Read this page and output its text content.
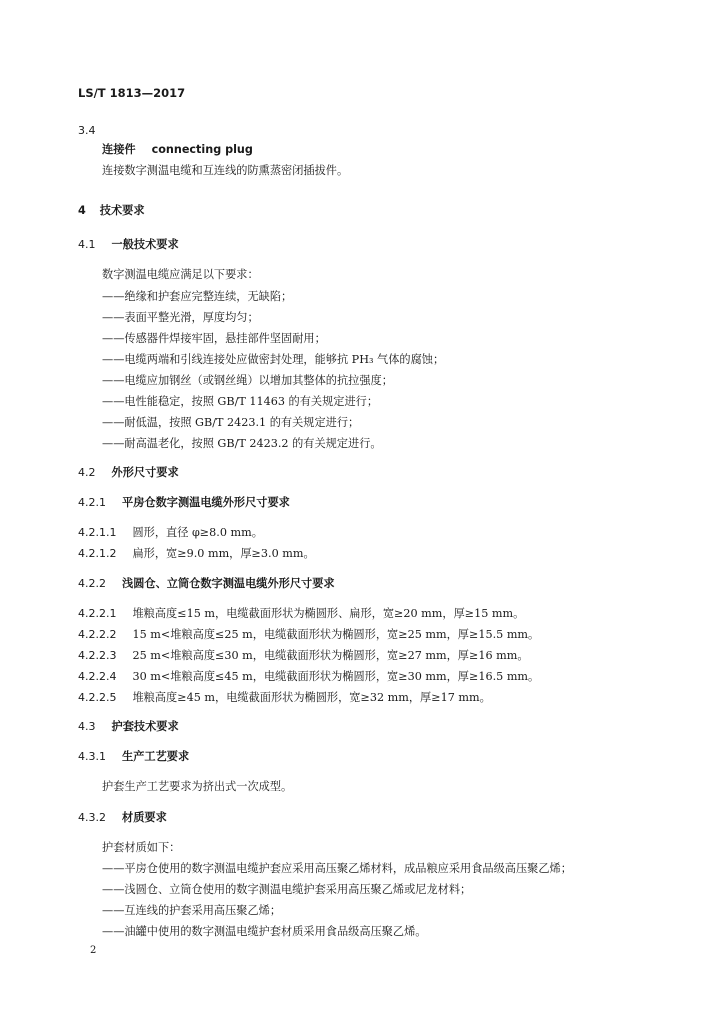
LS/T 1813—2017
3.4
连接件 connecting plug
连接数字测温电缆和互连线的防熏蒸密闭插拔件。
4 技术要求
4.1 一般技术要求
数字测温电缆应满足以下要求：
——绝缘和护套应完整连续，无缺陷；
——表面平整光滑，厚度均匀；
——传感器件焊接牢固，悬挂部件坚固耐用；
——电缆两端和引线连接处应做密封处理，能够抗 PH₃ 气体的腐蚀；
——电缆应加钢丝（或钢丝绳）以增加其整体的抗拉强度；
——电性能稳定，按照 GB/T 11463 的有关规定进行；
——耐低温，按照 GB/T 2423.1 的有关规定进行；
——耐高温老化，按照 GB/T 2423.2 的有关规定进行。
4.2 外形尺寸要求
4.2.1 平房仓数字测温电缆外形尺寸要求
4.2.1.1 圆形，直径 φ≥8.0 mm。
4.2.1.2 扁形，宽≥9.0 mm，厚≥3.0 mm。
4.2.2 浅圆仓、立筒仓数字测温电缆外形尺寸要求
4.2.2.1 堆粮高度≤15 m，电缆截面形状为椭圆形、扁形，宽≥20 mm，厚≥15 mm。
4.2.2.2 15 m<堆粮高度≤25 m，电缆截面形状为椭圆形，宽≥25 mm，厚≥15.5 mm。
4.2.2.3 25 m<堆粮高度≤30 m，电缆截面形状为椭圆形，宽≥27 mm，厚≥16 mm。
4.2.2.4 30 m<堆粮高度≤45 m，电缆截面形状为椭圆形，宽≥30 mm，厚≥16.5 mm。
4.2.2.5 堆粮高度≥45 m，电缆截面形状为椭圆形，宽≥32 mm，厚≥17 mm。
4.3 护套技术要求
4.3.1 生产工艺要求
护套生产工艺要求为挤出式一次成型。
4.3.2 材质要求
护套材质如下：
——平房仓使用的数字测温电缆护套应采用高压聚乙烯材料，成品粮应采用食品级高压聚乙烯；
——浅圆仓、立筒仓使用的数字测温电缆护套采用高压聚乙烯或尼龙材料；
——互连线的护套采用高压聚乙烯；
——油罐中使用的数字测温电缆护套材质采用食品级高压聚乙烯。
2
